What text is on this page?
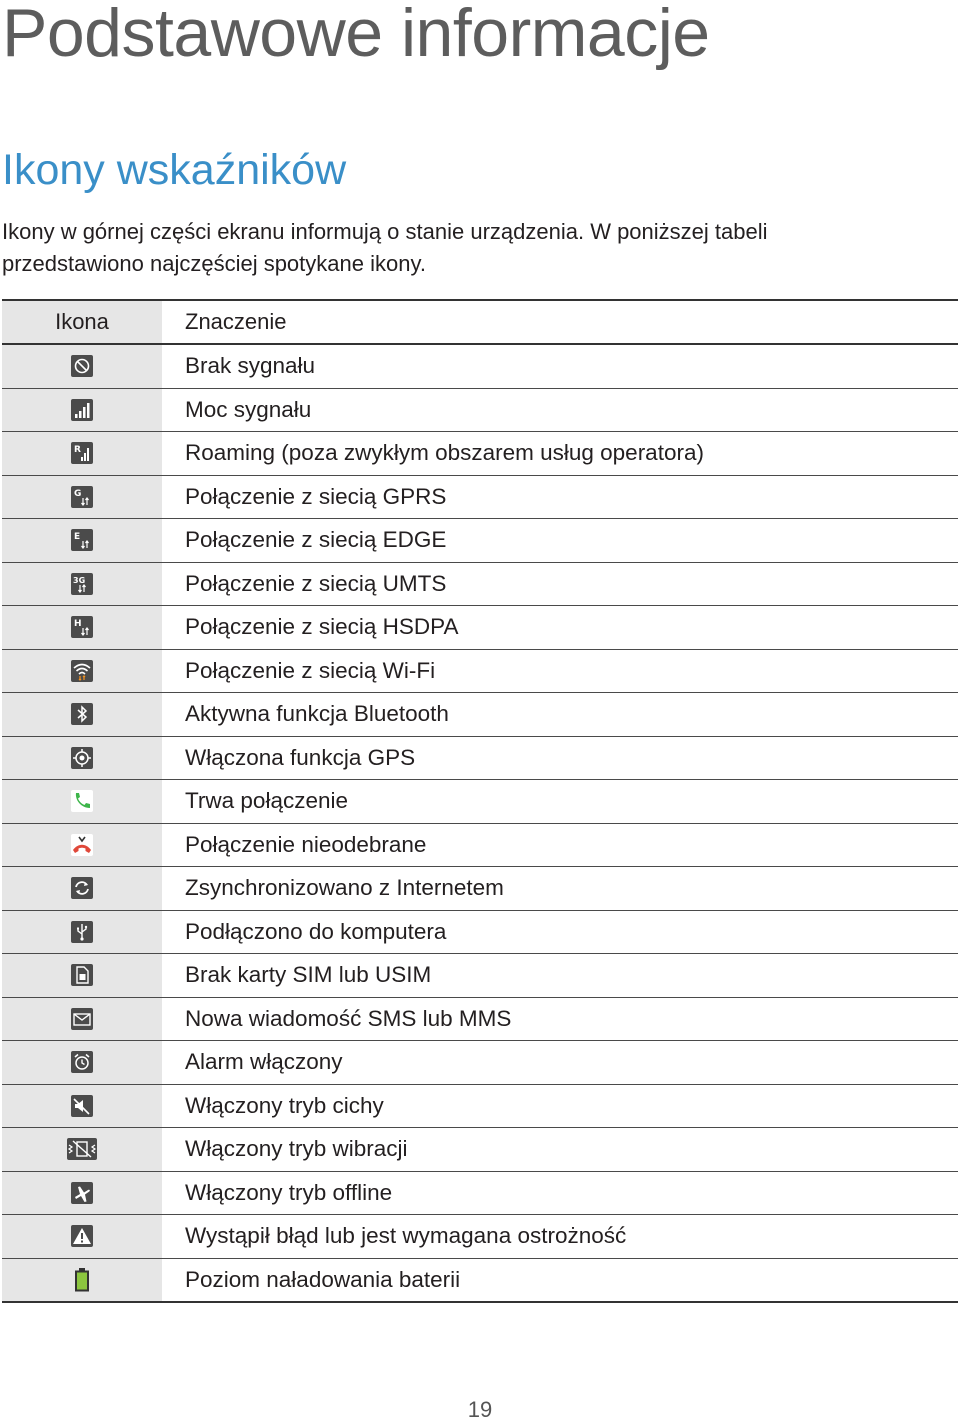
Podstawowe informacje
Ikony wskaźników

Ikony w górnej części ekranu informują o stanie urządzenia. W poniższej tabeli przedstawiono najczęściej spotykane ikony.

Ikona	Znaczenie

	Brak sygnału

	Moc sygnału

R	Roaming (poza zwykłym obszarem usług operatora)

G	Połączenie z siecią GPRS

E	Połączenie z siecią EDGE

3G	Połączenie z siecią UMTS

H	Połączenie z siecią HSDPA

	Połączenie z siecią Wi-Fi

	Aktywna funkcja Bluetooth

	Włączona funkcja GPS

	Trwa połączenie

	Połączenie nieodebrane

	Zsynchronizowano z Internetem

	Podłączono do komputera

	Brak karty SIM lub USIM

	Nowa wiadomość SMS lub MMS

	Alarm włączony

	Włączony tryb cichy

	Włączony tryb wibracji

	Włączony tryb offline

	Wystąpił błąd lub jest wymagana ostrożność

	Poziom naładowania baterii
19
